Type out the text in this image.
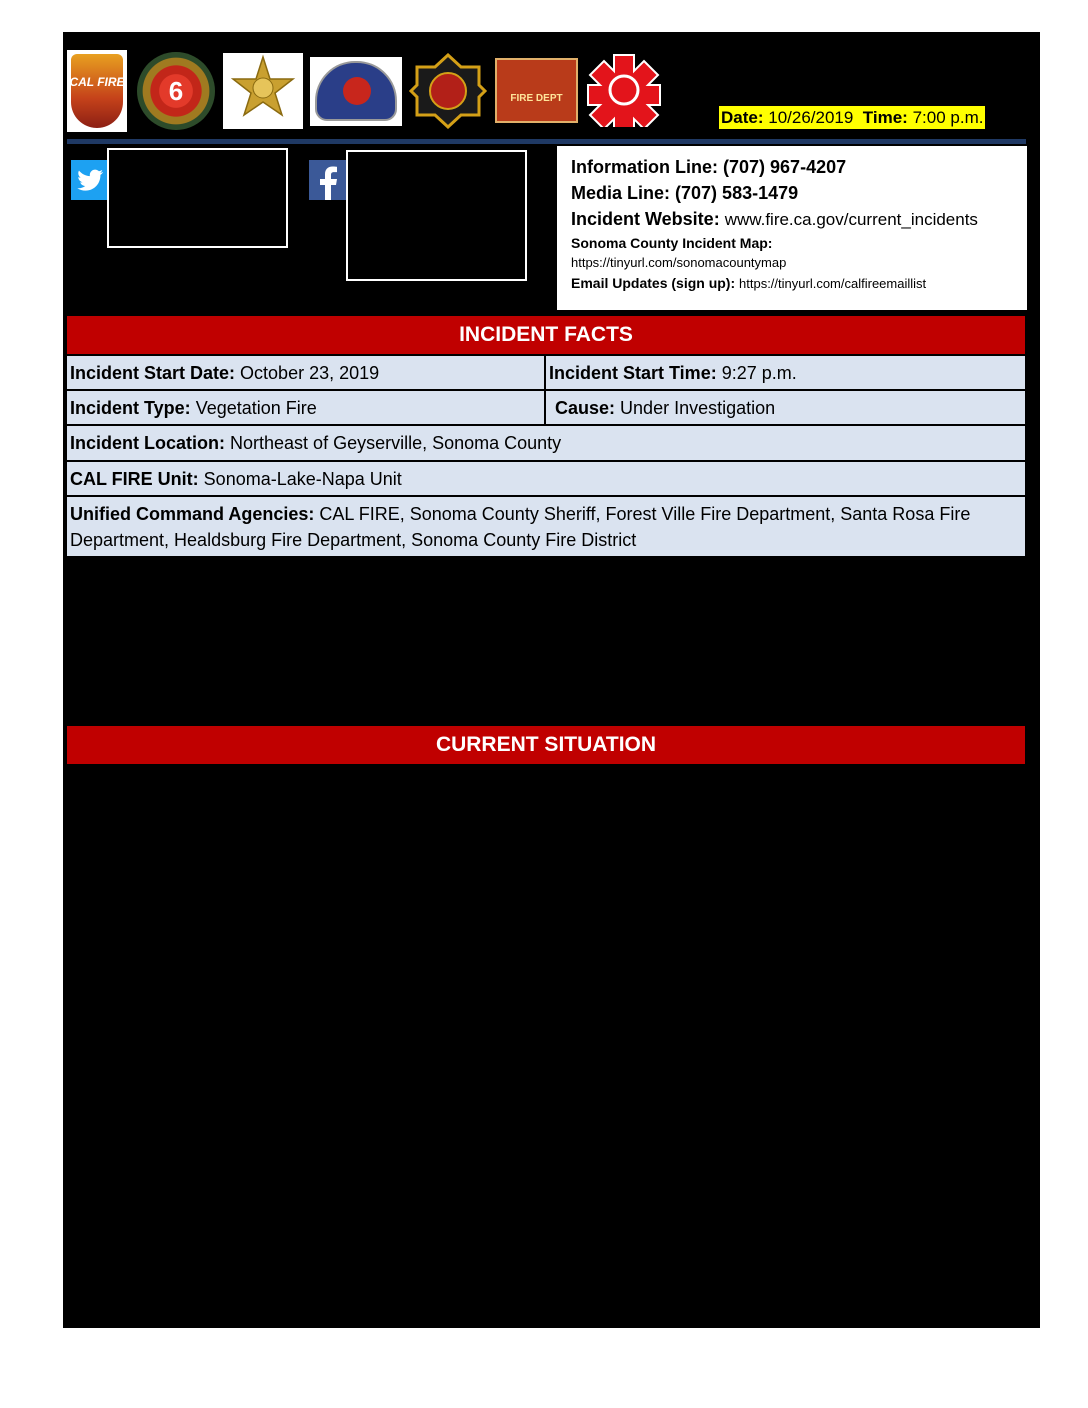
CAL FIRE	6	FIRE DEPT
Date: 10/26/2019 Time: 7:00 p.m.
Information Line: (707) 967-4207
Media Line: (707) 583-1479
Incident Website: www.fire.ca.gov/current_incidents
Sonoma County Incident Map:
https://tinyurl.com/sonomacountymap
Email Updates (sign up): https://tinyurl.com/calfireemaillist
INCIDENT FACTS
Incident Start Date: October 23, 2019	Incident Start Time: 9:27 p.m.
Incident Type: Vegetation Fire	Cause: Under Investigation
Incident Location: Northeast of Geyserville, Sonoma County
CAL FIRE Unit: Sonoma-Lake-Napa Unit
Unified Command Agencies: CAL FIRE, Sonoma County Sheriff, Forest Ville Fire Department, Santa Rosa Fire Department, Healdsburg Fire Department, Sonoma County Fire District
CURRENT SITUATION
